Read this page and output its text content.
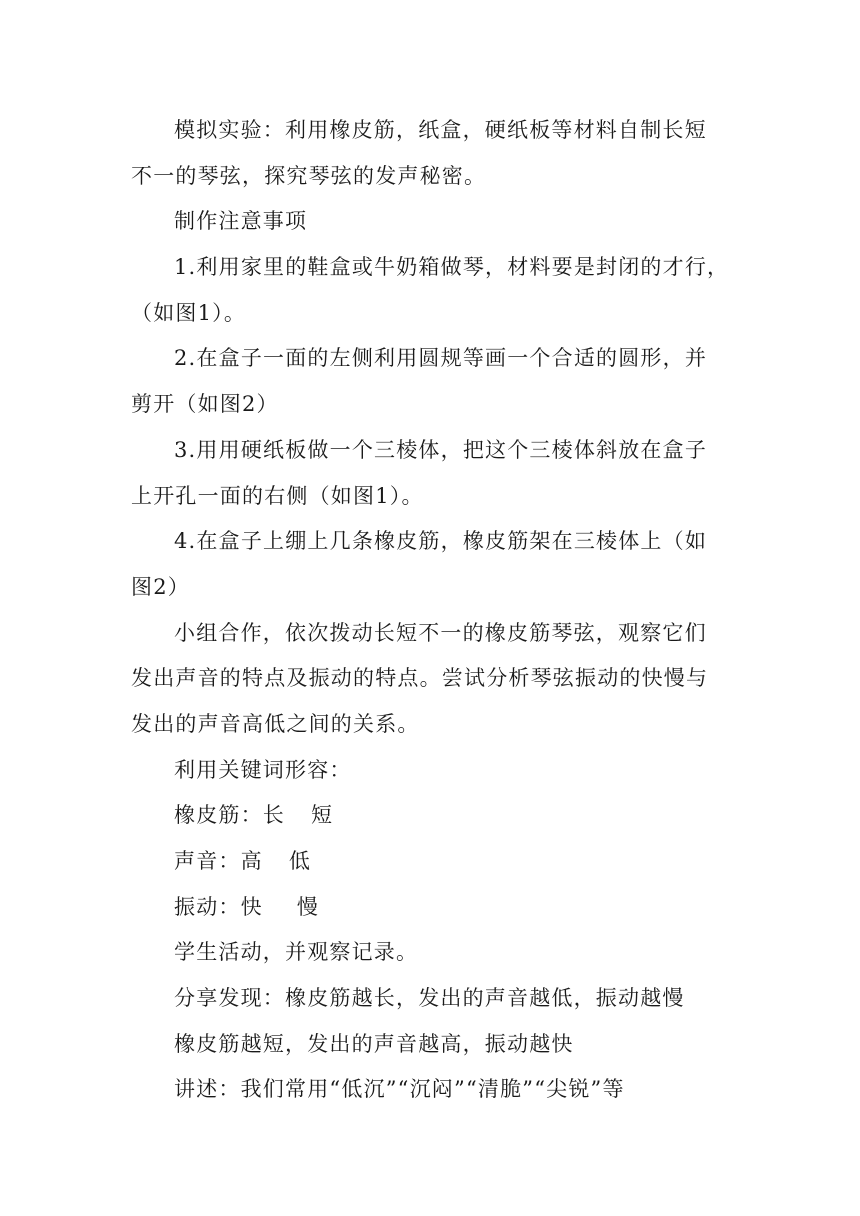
模拟实验：利用橡皮筋，纸盒，硬纸板等材料自制长短
不一的琴弦，探究琴弦的发声秘密。
制作注意事项
1.利用家里的鞋盒或牛奶箱做琴，材料要是封闭的才行，
（如图1）。
2.在盒子一面的左侧利用圆规等画一个合适的圆形，并
剪开（如图2）
3.用用硬纸板做一个三棱体，把这个三棱体斜放在盒子
上开孔一面的右侧（如图1）。
4.在盒子上绷上几条橡皮筋，橡皮筋架在三棱体上（如
图2）
小组合作，依次拨动长短不一的橡皮筋琴弦，观察它们
发出声音的特点及振动的特点。尝试分析琴弦振动的快慢与
发出的声音高低之间的关系。
利用关键词形容：
橡皮筋：长 短
声音：高 低
振动：快 慢
学生活动，并观察记录。
分享发现：橡皮筋越长，发出的声音越低，振动越慢
橡皮筋越短，发出的声音越高，振动越快
讲述：我们常用“低沉”“沉闷”“清脆”“尖锐”等
